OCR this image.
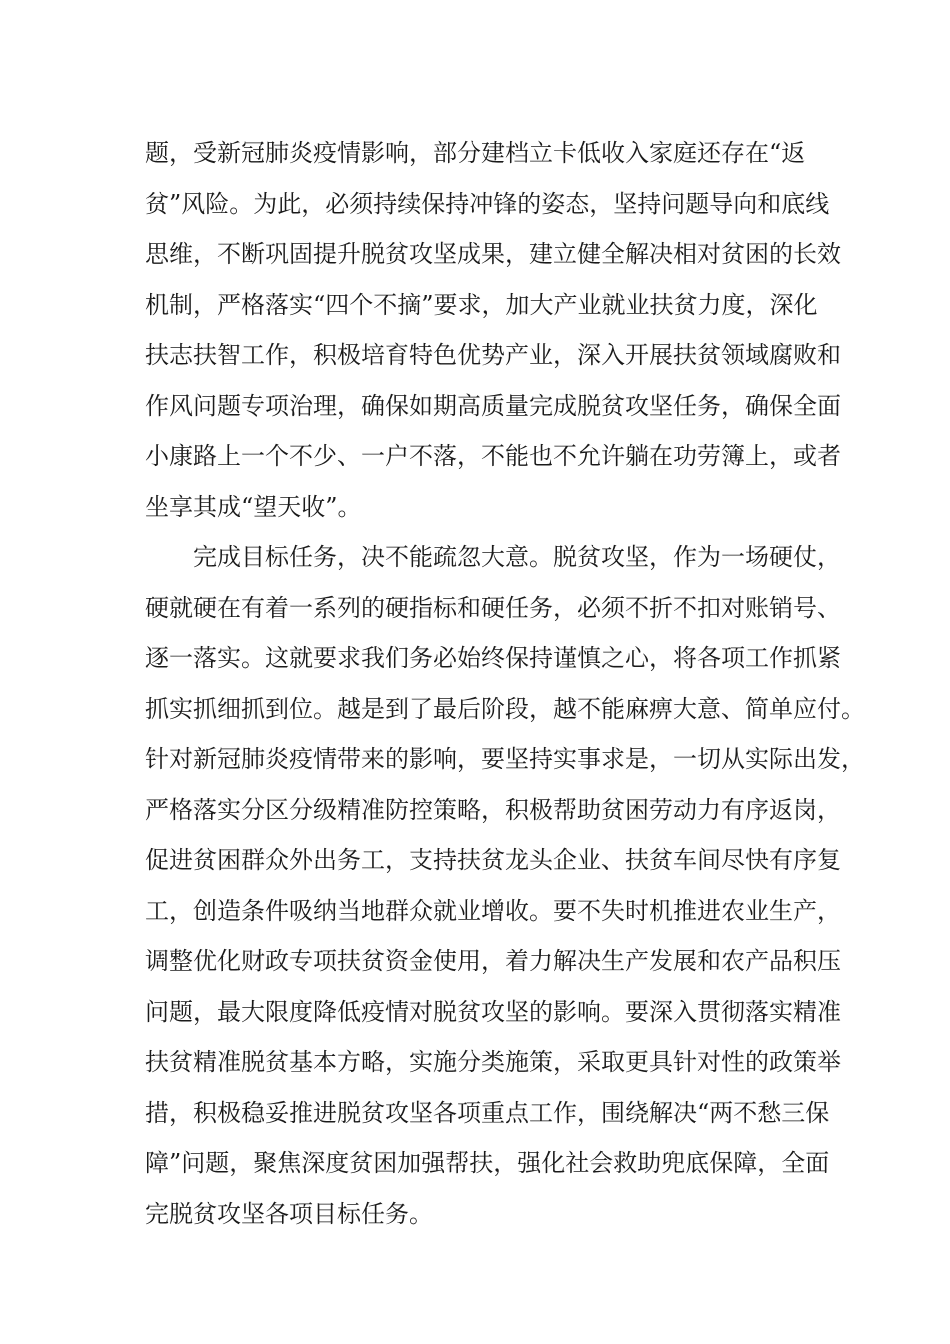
题，受新冠肺炎疫情影响，部分建档立卡低收入家庭还存在“返
贫”风险。为此，必须持续保持冲锋的姿态，坚持问题导向和底线
思维，不断巩固提升脱贫攻坚成果，建立健全解决相对贫困的长效
机制，严格落实“四个不摘”要求，加大产业就业扶贫力度，深化
扶志扶智工作，积极培育特色优势产业，深入开展扶贫领域腐败和
作风问题专项治理，确保如期高质量完成脱贫攻坚任务，确保全面
小康路上一个不少、一户不落，不能也不允许躺在功劳簿上，或者
坐享其成“望天收”。
完成目标任务，决不能疏忽大意。脱贫攻坚，作为一场硬仗，
硬就硬在有着一系列的硬指标和硬任务，必须不折不扣对账销号、
逐一落实。这就要求我们务必始终保持谨慎之心，将各项工作抓紧
抓实抓细抓到位。越是到了最后阶段，越不能麻痹大意、简单应付。
针对新冠肺炎疫情带来的影响，要坚持实事求是，一切从实际出发，
严格落实分区分级精准防控策略，积极帮助贫困劳动力有序返岗，
促进贫困群众外出务工，支持扶贫龙头企业、扶贫车间尽快有序复
工，创造条件吸纳当地群众就业增收。要不失时机推进农业生产，
调整优化财政专项扶贫资金使用，着力解决生产发展和农产品积压
问题，最大限度降低疫情对脱贫攻坚的影响。要深入贯彻落实精准
扶贫精准脱贫基本方略，实施分类施策，采取更具针对性的政策举
措，积极稳妥推进脱贫攻坚各项重点工作，围绕解决“两不愁三保
障”问题，聚焦深度贫困加强帮扶，强化社会救助兜底保障，全面
完脱贫攻坚各项目标任务。
